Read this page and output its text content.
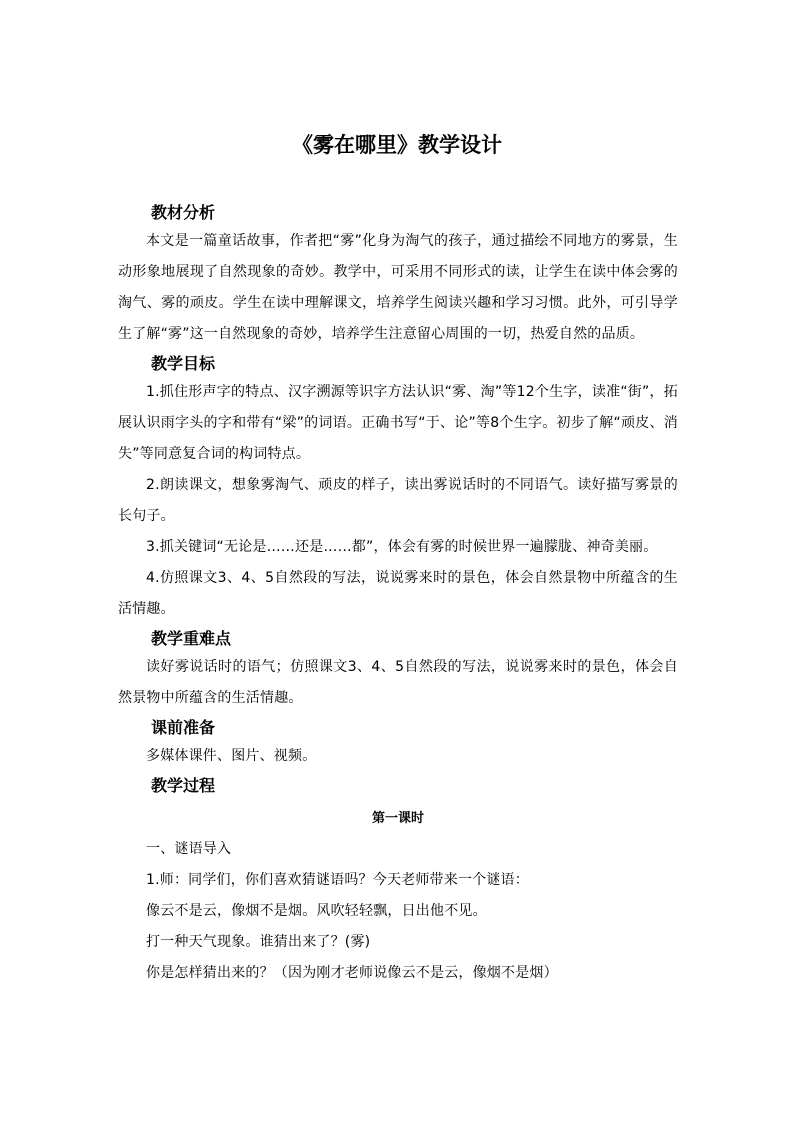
《雾在哪里》教学设计

教材分析

本文是一篇童话故事，作者把“雾”化身为淘气的孩子，通过描绘不同地方的雾景，生动形象地展现了自然现象的奇妙。教学中，可采用不同形式的读，让学生在读中体会雾的淘气、雾的顽皮。学生在读中理解课文，培养学生阅读兴趣和学习习惯。此外，可引导学生了解“雾”这一自然现象的奇妙，培养学生注意留心周围的一切，热爱自然的品质。

教学目标

1.抓住形声字的特点、汉字溯源等识字方法认识“雾、淘”等12个生字，读准“街”，拓展认识雨字头的字和带有“梁”的词语。正确书写“于、论”等8个生字。初步了解“顽皮、消失”等同意复合词的构词特点。

2.朗读课文，想象雾淘气、顽皮的样子，读出雾说话时的不同语气。读好描写雾景的长句子。

3.抓关键词“无论是……还是……都”，体会有雾的时候世界一遍朦胧、神奇美丽。

4.仿照课文3、4、5自然段的写法，说说雾来时的景色，体会自然景物中所蕴含的生活情趣。

教学重难点

读好雾说话时的语气；仿照课文3、4、5自然段的写法，说说雾来时的景色，体会自然景物中所蕴含的生活情趣。

课前准备

多媒体课件、图片、视频。

教学过程

第一课时

一、谜语导入

1.师：同学们，你们喜欢猜谜语吗？今天老师带来一个谜语：

像云不是云，像烟不是烟。风吹轻轻飘，日出他不见。

打一种天气现象。谁猜出来了？(雾)

你是怎样猜出来的？（因为刚才老师说像云不是云，像烟不是烟）
